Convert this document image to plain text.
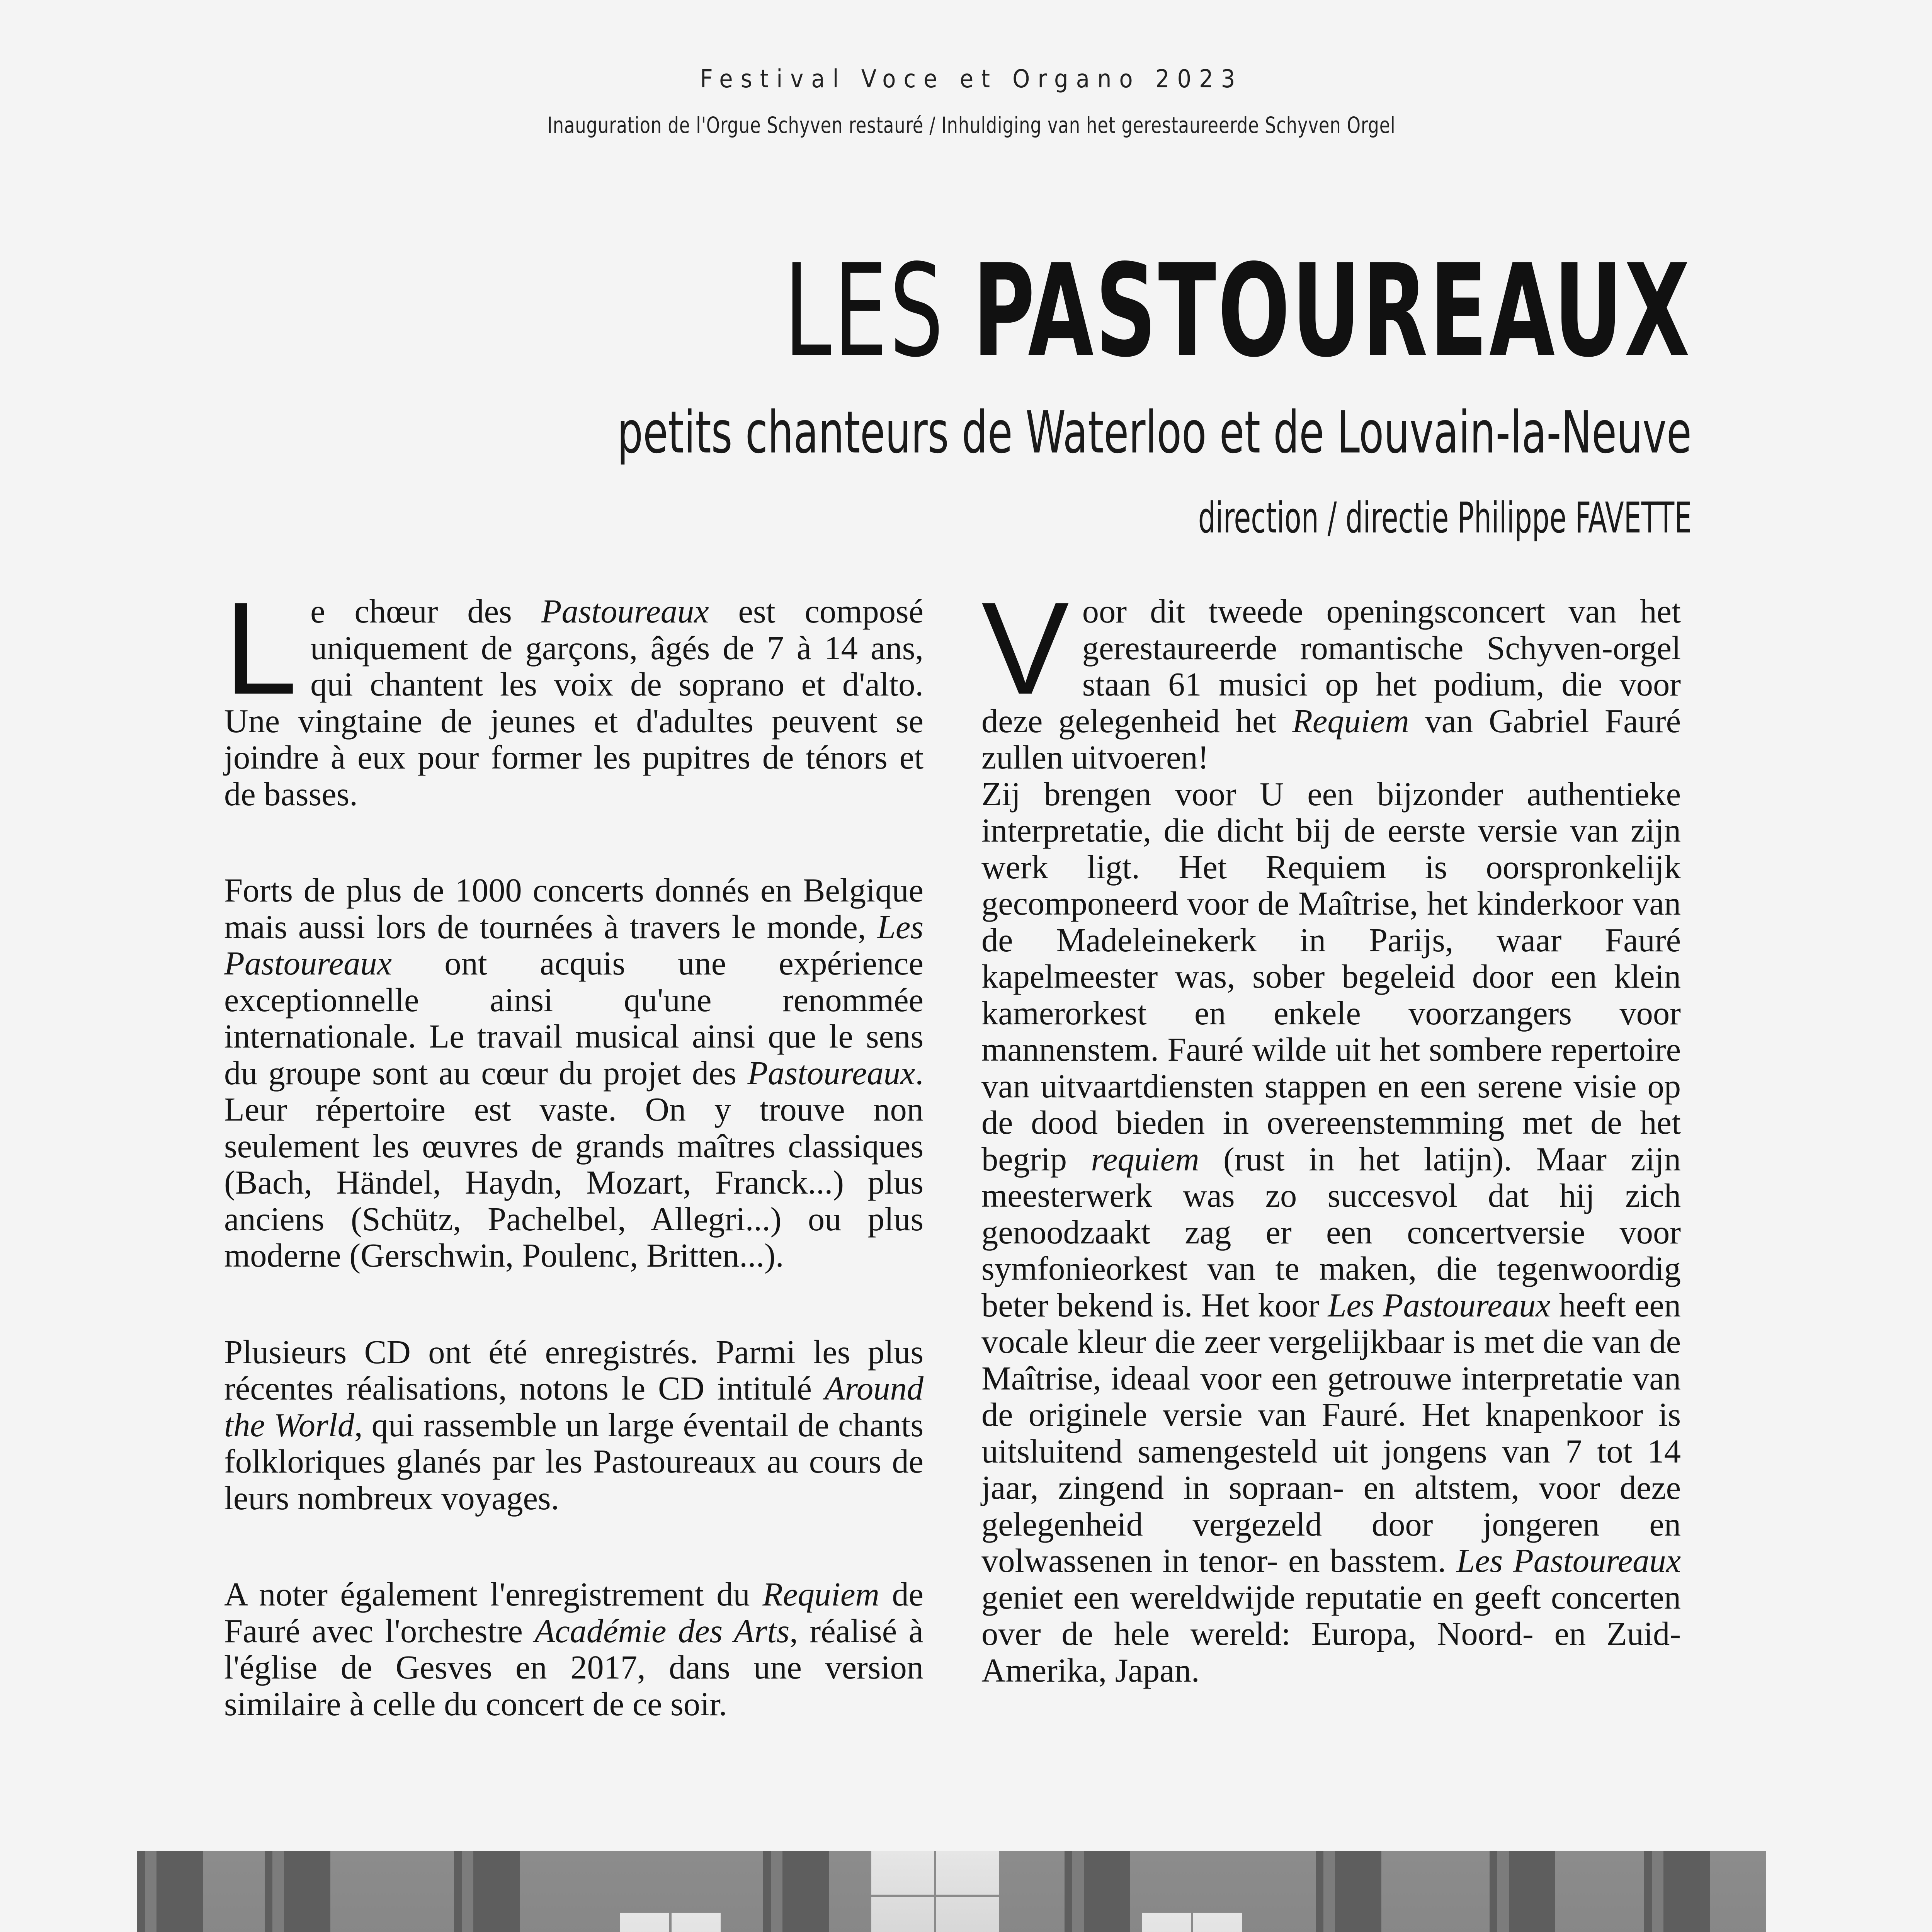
Festival Voce et Organo 2023
Inauguration de l'Orgue Schyven restauré / Inhuldiging van het gerestaureerde Schyven Orgel
LES PASTOUREAUX
petits chanteurs de Waterloo et de Louvain-la-Neuve
direction / directie Philippe FAVETTE

Le chœur des Pastoureaux est composé uniquement de garçons, âgés de 7 à 14 ans, qui chantent les voix de soprano et d'alto. Une vingtaine de jeunes et d'adultes peuvent se joindre à eux pour former les pupitres de ténors et de basses.

Forts de plus de 1000 concerts donnés en Belgique mais aussi lors de tournées à travers le monde, Les Pastoureaux ont acquis une expérience exceptionnelle ainsi qu'une renommée internationale. Le travail musical ainsi que le sens du groupe sont au cœur du projet des Pastoureaux. Leur répertoire est vaste. On y trouve non seulement les œuvres de grands maîtres classiques (Bach, Händel, Haydn, Mozart, Franck...) plus anciens (Schütz, Pachelbel, Allegri...) ou plus moderne (Gerschwin, Poulenc, Britten...).

Plusieurs CD ont été enregistrés. Parmi les plus récentes réalisations, notons le CD intitulé Around the World, qui rassemble un large éventail de chants folkloriques glanés par les Pastoureaux au cours de leurs nombreux voyages.

A noter également l'enregistrement du Requiem de Fauré avec l'orchestre Académie des Arts, réalisé à l'église de Gesves en 2017, dans une version similaire à celle du concert de ce soir.

Voor dit tweede openingsconcert van het gerestaureerde romantische Schyven-orgel staan 61 musici op het podium, die voor deze gelegenheid het Requiem van Gabriel Fauré zullen uitvoeren!

Zij brengen voor U een bijzonder authentieke interpretatie, die dicht bij de eerste versie van zijn werk ligt. Het Requiem is oorspronkelijk gecomponeerd voor de Maîtrise, het kinderkoor van de Madeleinekerk in Parijs, waar Fauré kapelmeester was, sober begeleid door een klein kamerorkest en enkele voorzangers voor mannenstem. Fauré wilde uit het sombere repertoire van uitvaartdiensten stappen en een serene visie op de dood bieden in overeenstemming met de het begrip requiem (rust in het latijn). Maar zijn meesterwerk was zo succesvol dat hij zich genoodzaakt zag er een concertversie voor symfonieorkest van te maken, die tegenwoordig beter bekend is. Het koor Les Pastoureaux heeft een vocale kleur die zeer vergelijkbaar is met die van de Maîtrise, ideaal voor een getrouwe interpretatie van de originele versie van Fauré. Het knapenkoor is uitsluitend samengesteld uit jongens van 7 tot 14 jaar, zingend in sopraan- en altstem, voor deze gelegenheid vergezeld door jongeren en volwassenen in tenor- en basstem. Les Pastoureaux geniet een wereldwijde reputatie en geeft concerten over de hele wereld: Europa, Noord- en Zuid-Amerika, Japan.
